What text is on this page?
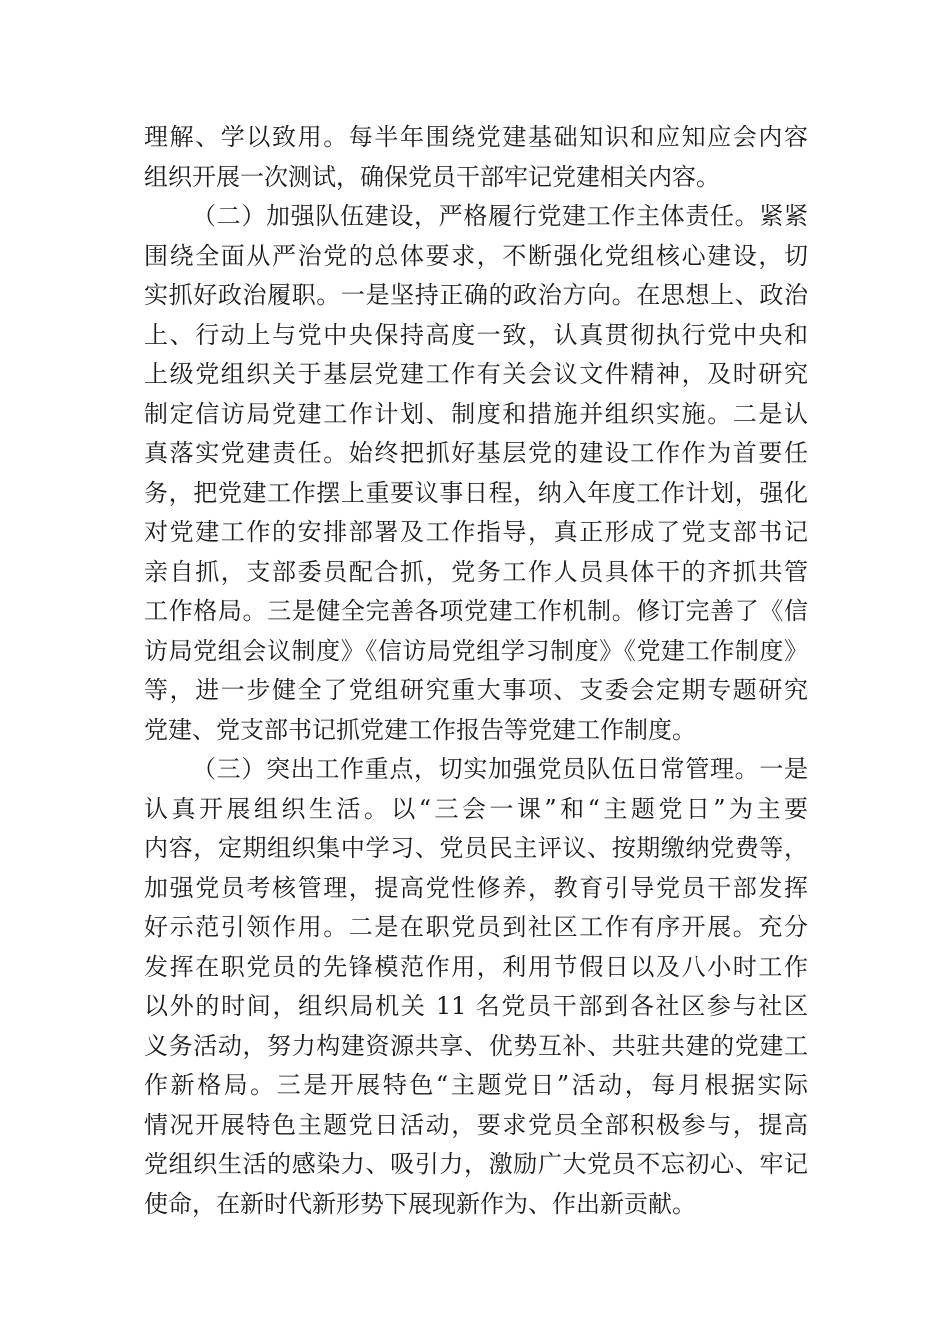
理解、学以致用。每半年围绕党建基础知识和应知应会内容
组织开展一次测试，确保党员干部牢记党建相关内容。
（二）加强队伍建设，严格履行党建工作主体责任。紧紧
围绕全面从严治党的总体要求，不断强化党组核心建设，切
实抓好政治履职。一是坚持正确的政治方向。在思想上、政治
上、行动上与党中央保持高度一致，认真贯彻执行党中央和
上级党组织关于基层党建工作有关会议文件精神，及时研究
制定信访局党建工作计划、制度和措施并组织实施。二是认
真落实党建责任。始终把抓好基层党的建设工作作为首要任
务，把党建工作摆上重要议事日程，纳入年度工作计划，强化
对党建工作的安排部署及工作指导，真正形成了党支部书记
亲自抓，支部委员配合抓，党务工作人员具体干的齐抓共管
工作格局。三是健全完善各项党建工作机制。修订完善了《信
访局党组会议制度》《信访局党组学习制度》《党建工作制度》
等，进一步健全了党组研究重大事项、支委会定期专题研究
党建、党支部书记抓党建工作报告等党建工作制度。
（三）突出工作重点，切实加强党员队伍日常管理。一是
认真开展组织生活。以“三会一课”和“主题党日”为主要
内容，定期组织集中学习、党员民主评议、按期缴纳党费等，
加强党员考核管理，提高党性修养，教育引导党员干部发挥
好示范引领作用。二是在职党员到社区工作有序开展。充分
发挥在职党员的先锋模范作用，利用节假日以及八小时工作
以外的时间，组织局机关 11 名党员干部到各社区参与社区
义务活动，努力构建资源共享、优势互补、共驻共建的党建工
作新格局。三是开展特色“主题党日”活动，每月根据实际
情况开展特色主题党日活动，要求党员全部积极参与，提高
党组织生活的感染力、吸引力，激励广大党员不忘初心、牢记
使命，在新时代新形势下展现新作为、作出新贡献。
